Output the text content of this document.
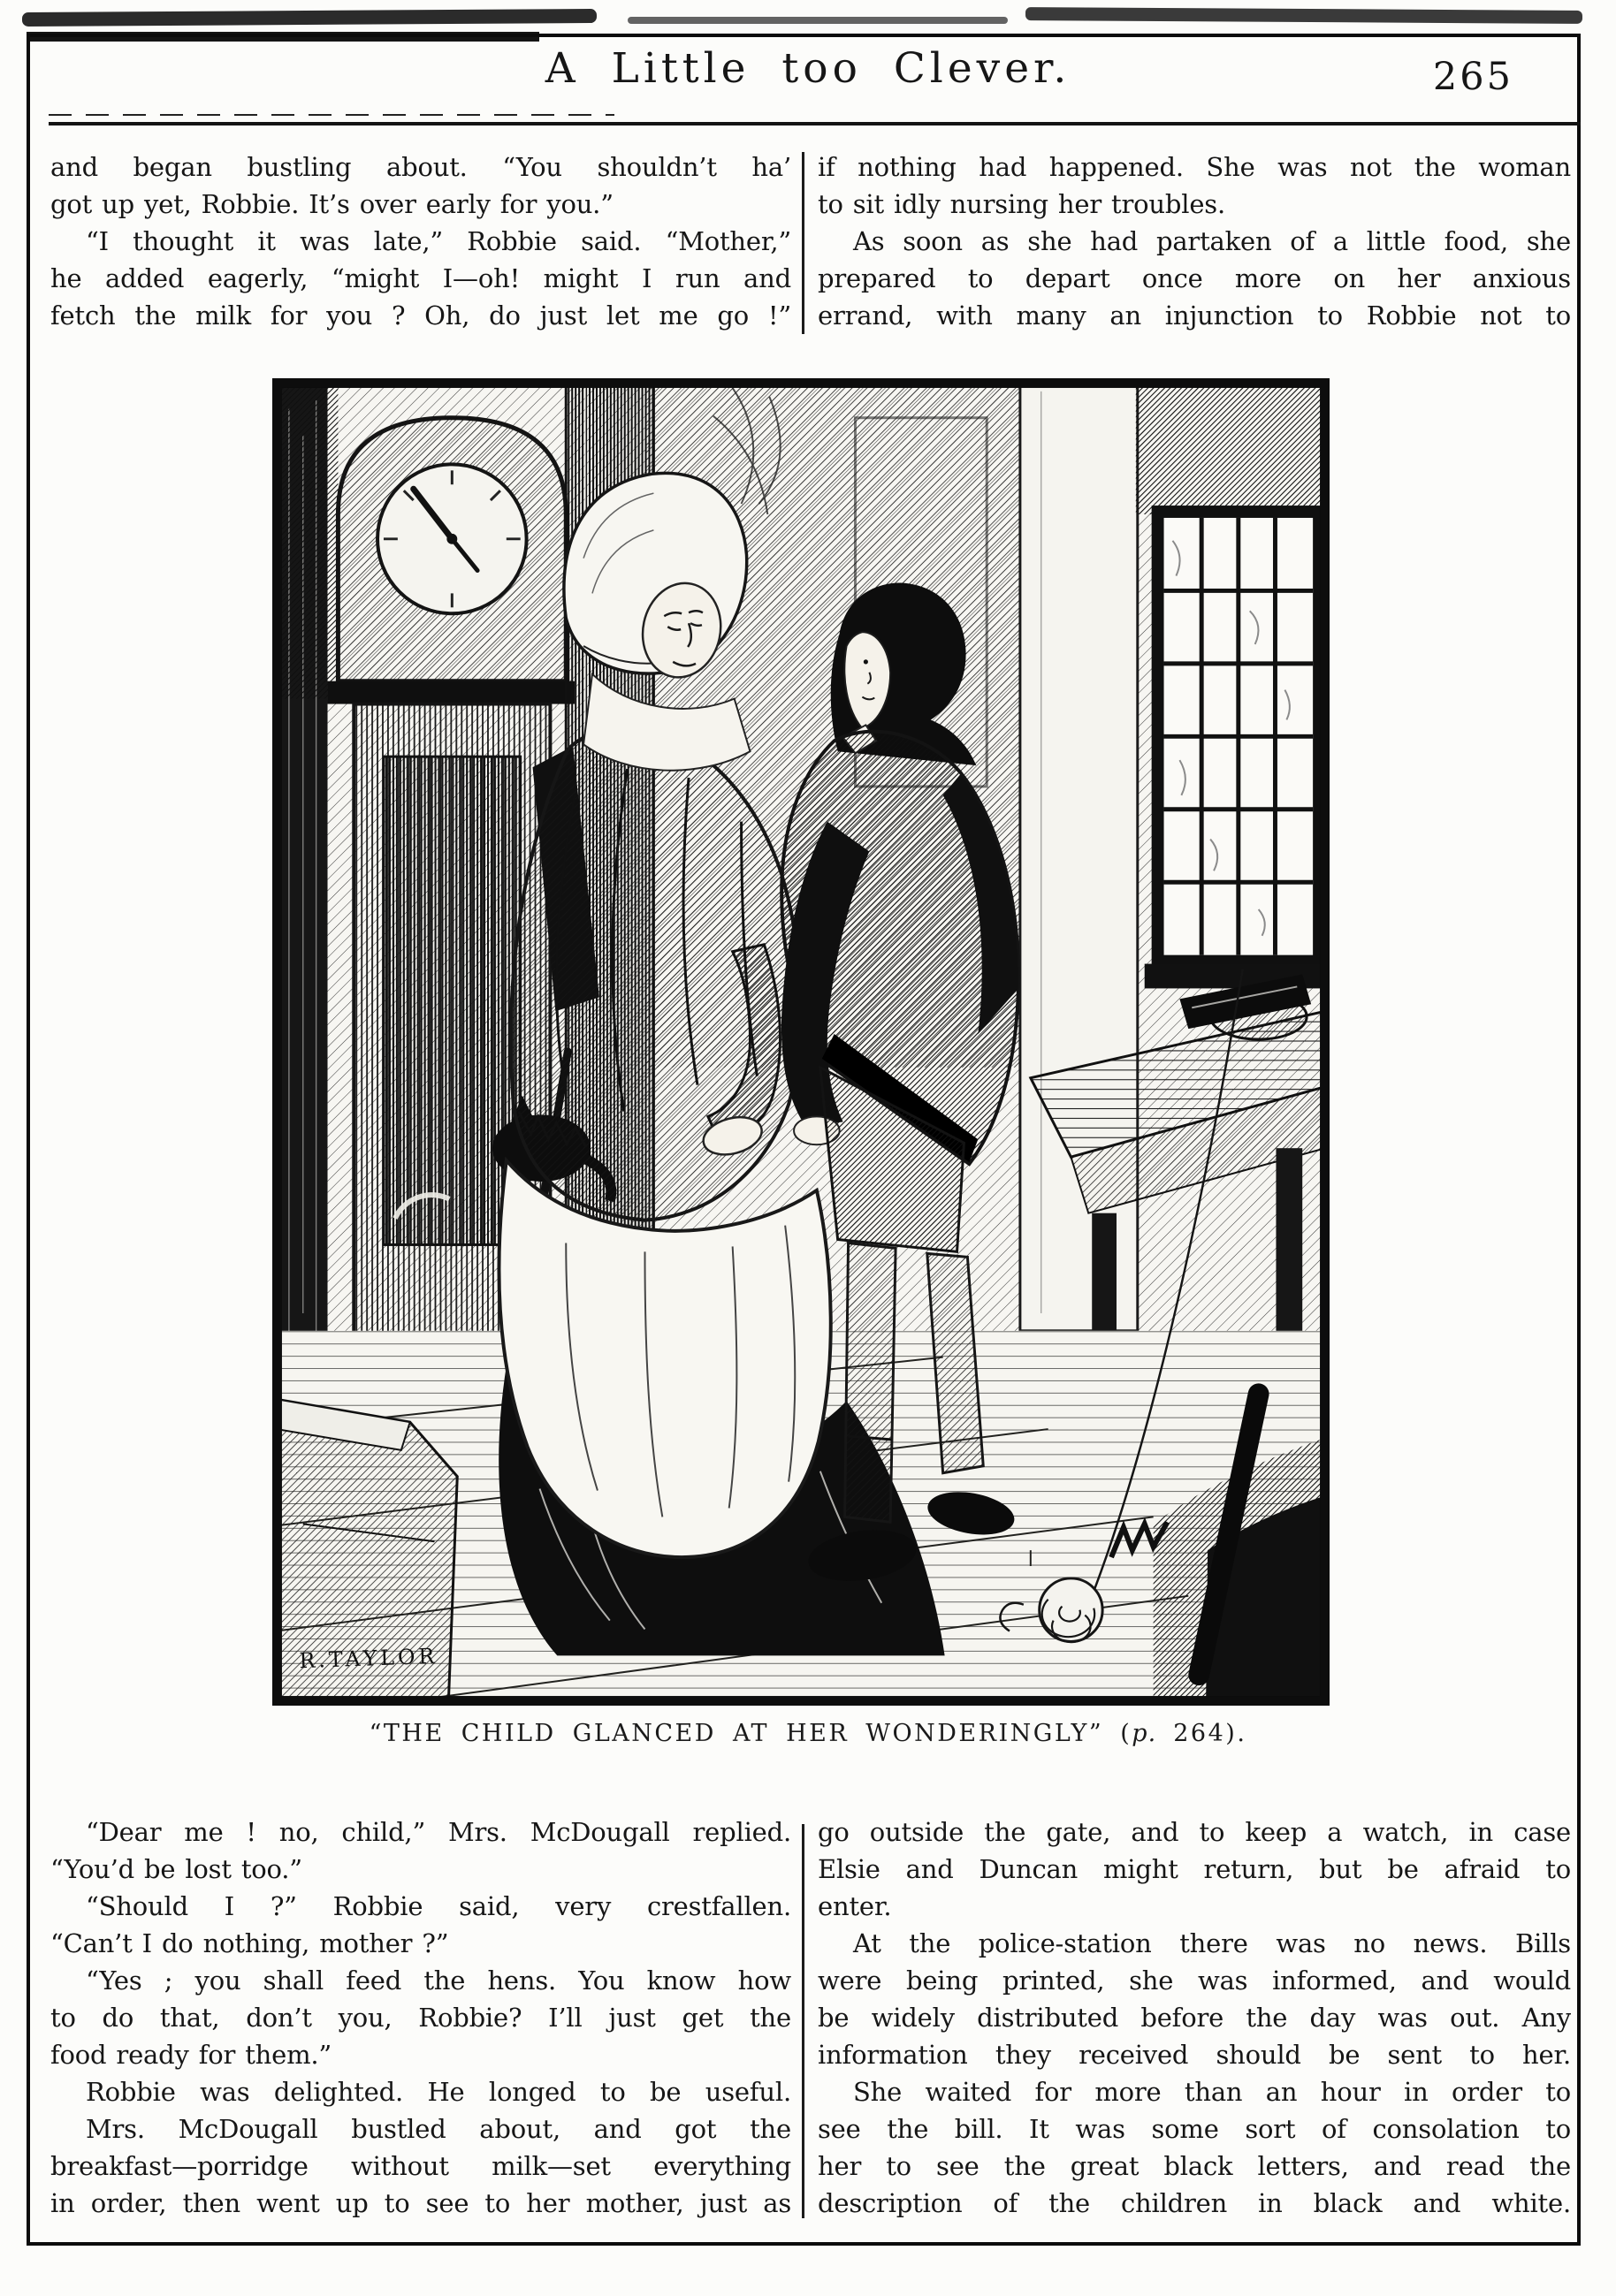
A Little too Clever.	265
and began bustling about. “You shouldn’t ha’
got up yet, Robbie. It’s over early for you.”
“I thought it was late,” Robbie said. “Mother,”
he added eagerly, “might I—oh! might I run and
fetch the milk for you ? Oh, do just let me go !”
if nothing had happened. She was not the woman
to sit idly nursing her troubles.
As soon as she had partaken of a little food, she
prepared to depart once more on her anxious
errand, with many an injunction to Robbie not to
R.TAYLOR
“THE CHILD GLANCED AT HER WONDERINGLY” (p. 264).
“Dear me ! no, child,” Mrs. McDougall replied.
“You’d be lost too.”
“Should I ?” Robbie said, very crestfallen.
“Can’t I do nothing, mother ?”
“Yes ; you shall feed the hens. You know how
to do that, don’t you, Robbie? I’ll just get the
food ready for them.”
Robbie was delighted. He longed to be useful.
Mrs. McDougall bustled about, and got the
breakfast—porridge without milk—set everything
in order, then went up to see to her mother, just as
go outside the gate, and to keep a watch, in case
Elsie and Duncan might return, but be afraid to
enter.
At the police-station there was no news. Bills
were being printed, she was informed, and would
be widely distributed before the day was out. Any
information they received should be sent to her.
She waited for more than an hour in order to
see the bill. It was some sort of consolation to
her to see the great black letters, and read the
description of the children in black and white.
